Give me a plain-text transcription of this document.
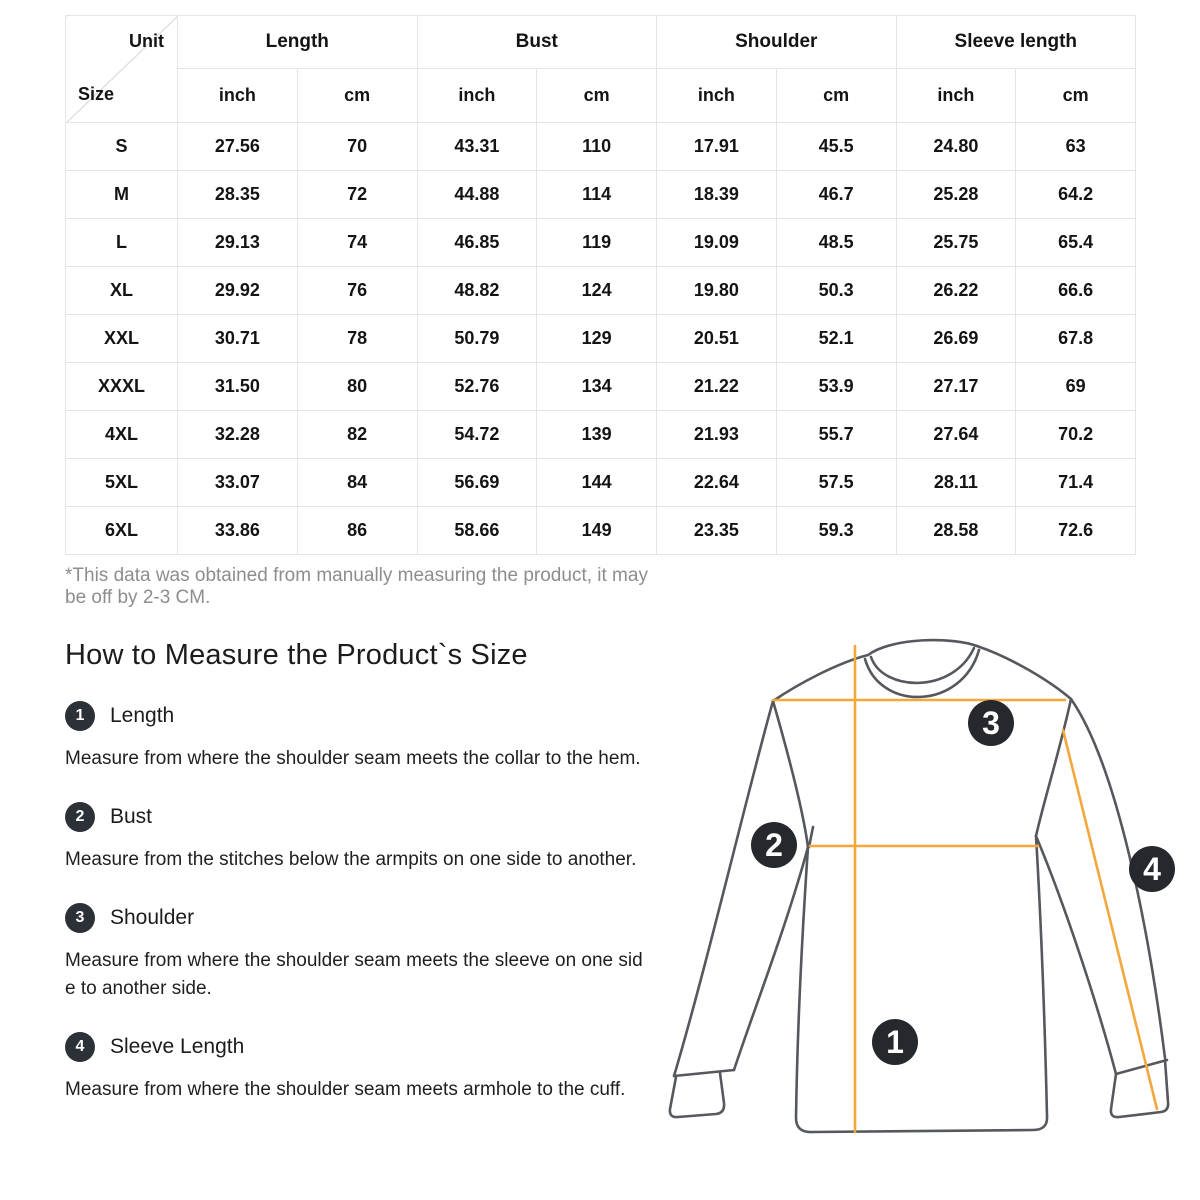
Unit
Size	Length		Bust		Shoulder		Sleeve length	
	inch	cm	inch	cm	inch	cm	inch	cm
S	27.56	70	43.31	110	17.91	45.5	24.80	63
M	28.35	72	44.88	114	18.39	46.7	25.28	64.2
L	29.13	74	46.85	119	19.09	48.5	25.75	65.4
XL	29.92	76	48.82	124	19.80	50.3	26.22	66.6
XXL	30.71	78	50.79	129	20.51	52.1	26.69	67.8
XXXL	31.50	80	52.76	134	21.22	53.9	27.17	69
4XL	32.28	82	54.72	139	21.93	55.7	27.64	70.2
5XL	33.07	84	56.69	144	22.64	57.5	28.11	71.4
6XL	33.86	86	58.66	149	23.35	59.3	28.58	72.6
*This data was obtained from manually measuring the product, it may be off by 2-3 CM.
How to Measure the Product`s Size
1	Length

Measure from where the shoulder seam meets the collar to the hem.

2	Bust

Measure from the stitches below the armpits on one side to another.

3	Shoulder

Measure from where the shoulder seam meets the sleeve on one side to another side.

4	Sleeve Length

Measure from where the shoulder seam meets armhole to the cuff.

1
2
3
4
